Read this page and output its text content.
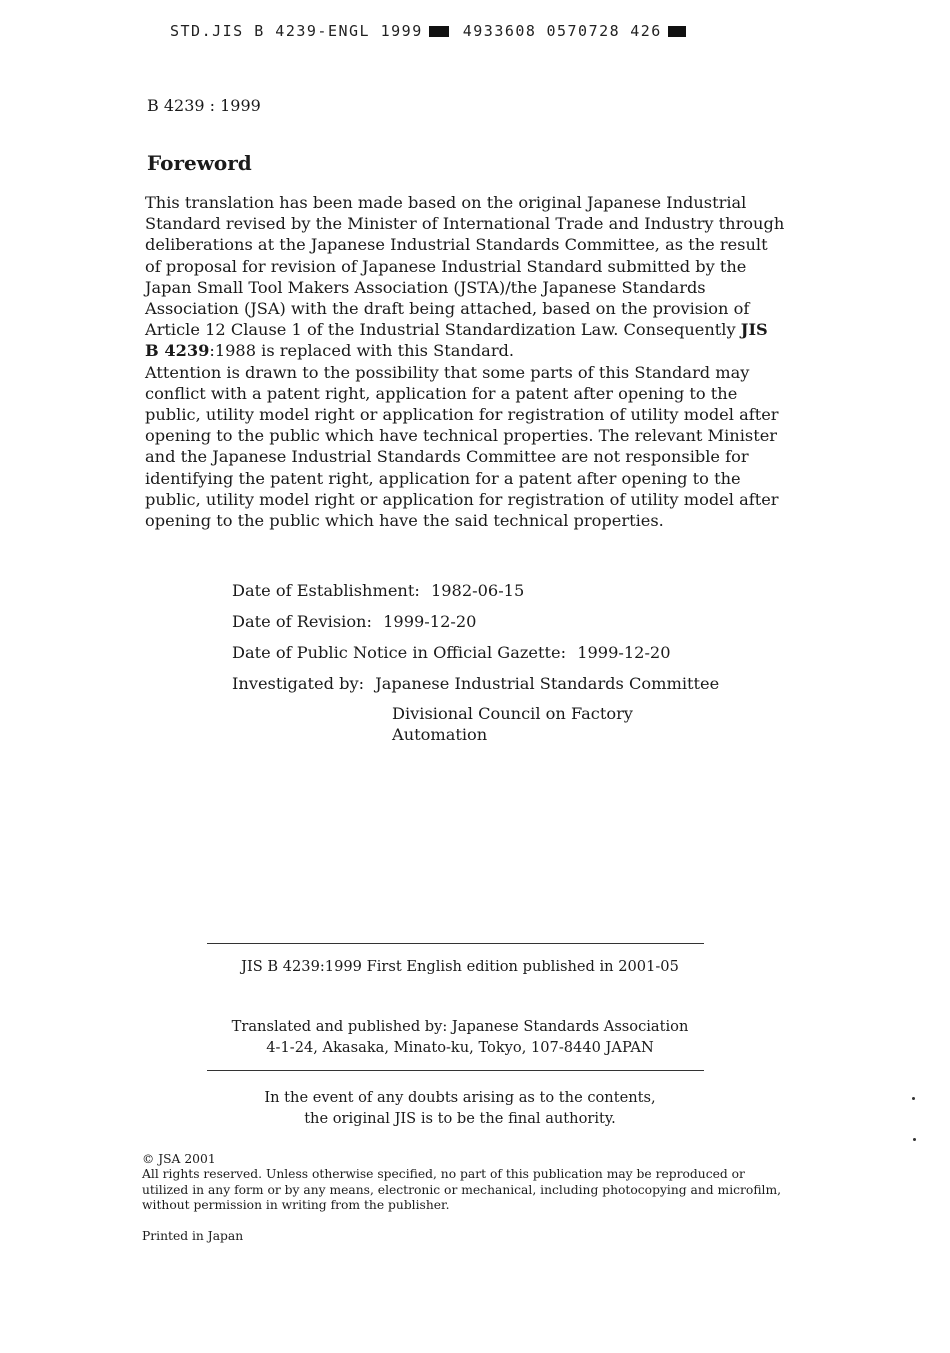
STD.JIS B 4239-ENGL 1999	4933608 0570728 426
B 4239 : 1999
Foreword

This translation has been made based on the original Japanese Industrial Standard revised by the Minister of International Trade and Industry through deliberations at the Japanese Industrial Standards Committee, as the result of proposal for revision of Japanese Industrial Standard submitted by the Japan Small Tool Makers Association (JSTA)/the Japanese Standards Association (JSA) with the draft being attached, based on the provision of Article 12 Clause 1 of the Industrial Standardization Law. Consequently JIS B 4239:1988 is replaced with this Standard.

Attention is drawn to the possibility that some parts of this Standard may conflict with a patent right, application for a patent after opening to the public, utility model right or application for registration of utility model after opening to the public which have technical properties. The relevant Minister and the Japanese Industrial Standards Committee are not responsible for identifying the patent right, application for a patent after opening to the public, utility model right or application for registration of utility model after opening to the public which have the said technical properties.

Date of Establishment: 1982-06-15
Date of Revision: 1999-12-20
Date of Public Notice in Official Gazette: 1999-12-20
Investigated by: Japanese Industrial Standards Committee
Divisional Council on Factory
Automation
JIS B 4239:1999 First English edition published in 2001-05
Translated and published by: Japanese Standards Association
4-1-24, Akasaka, Minato-ku, Tokyo, 107-8440 JAPAN
In the event of any doubts arising as to the contents,
the original JIS is to be the final authority.
© JSA 2001
All rights reserved. Unless otherwise specified, no part of this publication may be reproduced or utilized in any form or by any means, electronic or mechanical, including photocopying and microfilm, without permission in writing from the publisher.
Printed in Japan
